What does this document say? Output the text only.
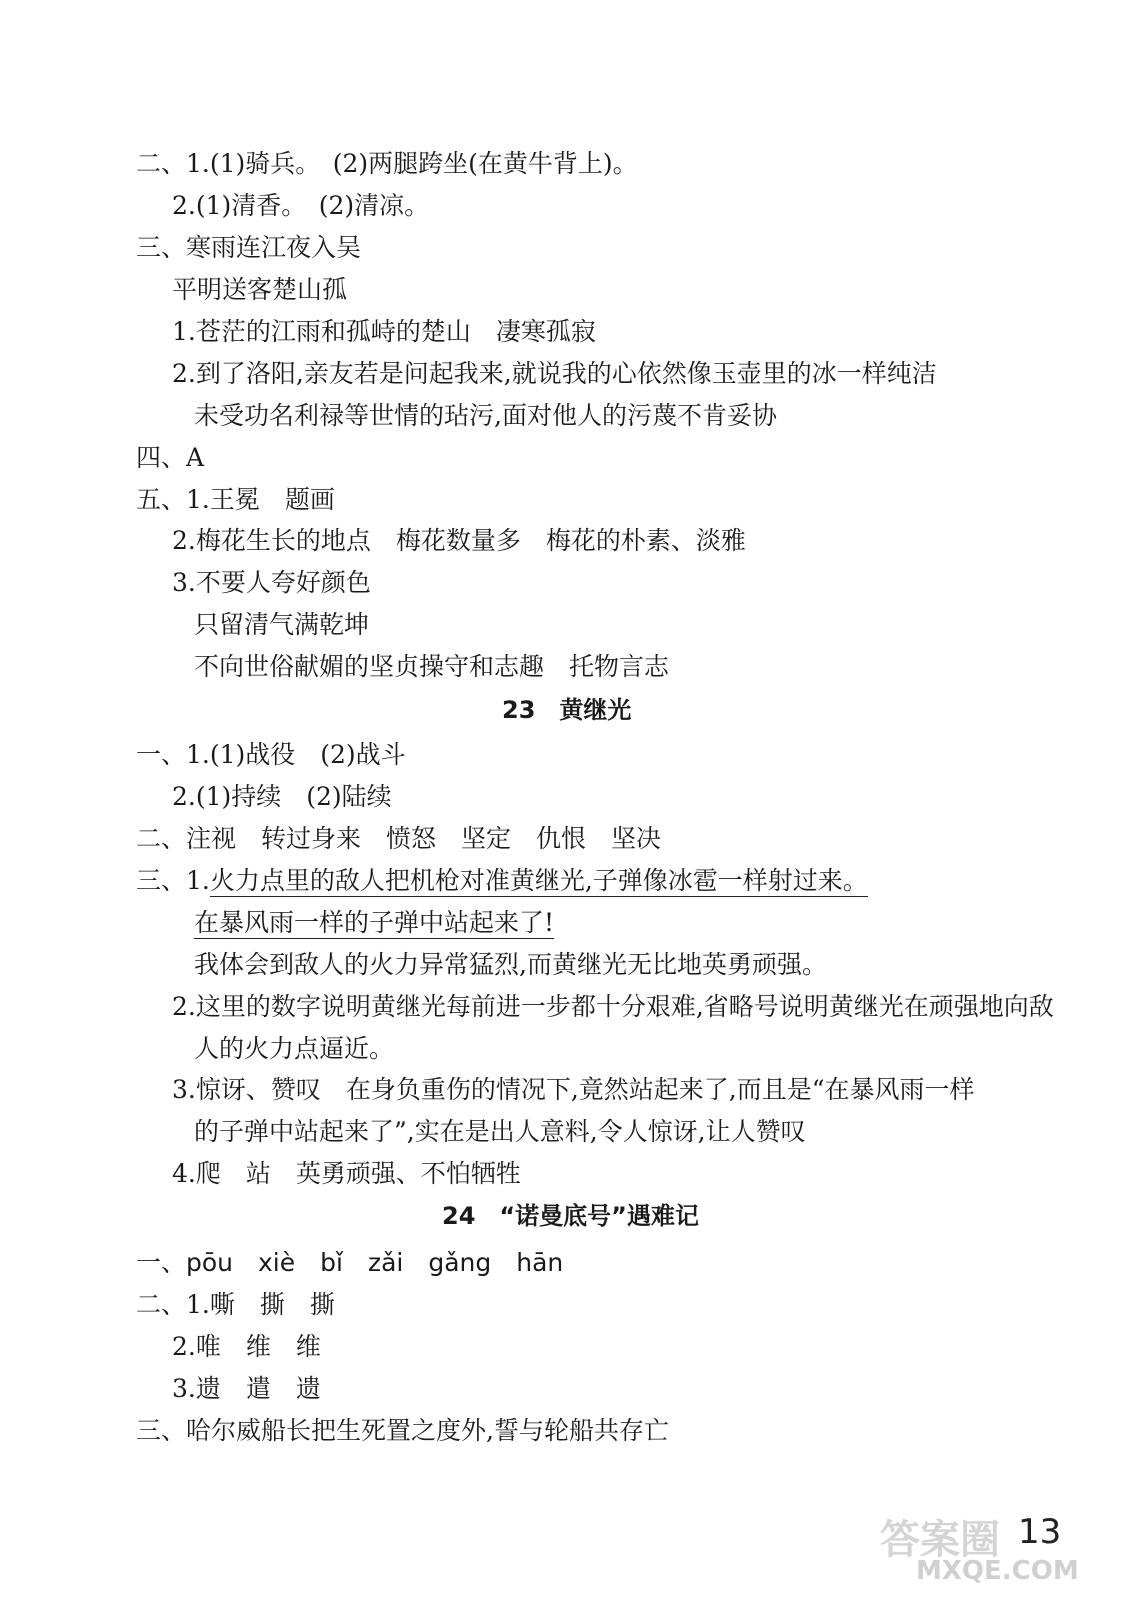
二、1.(1)骑兵。　(2)两腿跨坐(在黄牛背上)。
2.(1)清香。　(2)清凉。
三、寒雨连江夜入吴
平明送客楚山孤
1.苍茫的江雨和孤峙的楚山　凄寒孤寂
2.到了洛阳,亲友若是问起我来,就说我的心依然像玉壶里的冰一样纯洁
未受功名利禄等世情的玷污,面对他人的污蔑不肯妥协
四、A
五、1.王冕　题画
2.梅花生长的地点　梅花数量多　梅花的朴素、淡雅
3.不要人夸好颜色
只留清气满乾坤
不向世俗献媚的坚贞操守和志趣　托物言志
23　黄继光
一、1.(1)战役　(2)战斗
2.(1)持续　(2)陆续
二、注视　转过身来　愤怒　坚定　仇恨　坚决
三、1.火力点里的敌人把机枪对准黄继光,子弹像冰雹一样射过来。
在暴风雨一样的子弹中站起来了!
我体会到敌人的火力异常猛烈,而黄继光无比地英勇顽强。
2.这里的数字说明黄继光每前进一步都十分艰难,省略号说明黄继光在顽强地向敌
人的火力点逼近。
3.惊讶、赞叹　在身负重伤的情况下,竟然站起来了,而且是“在暴风雨一样
的子弹中站起来了”,实在是出人意料,令人惊讶,让人赞叹
4.爬　站　英勇顽强、不怕牺牲
24　“诺曼底号”遇难记
一、pōu　xiè　bǐ　zǎi　gǎng　hān
二、1.嘶　撕　撕
2.唯　维　维
3.遗　遣　遗
三、哈尔威船长把生死置之度外,誓与轮船共存亡
答案圈
MXQE.COM
13
